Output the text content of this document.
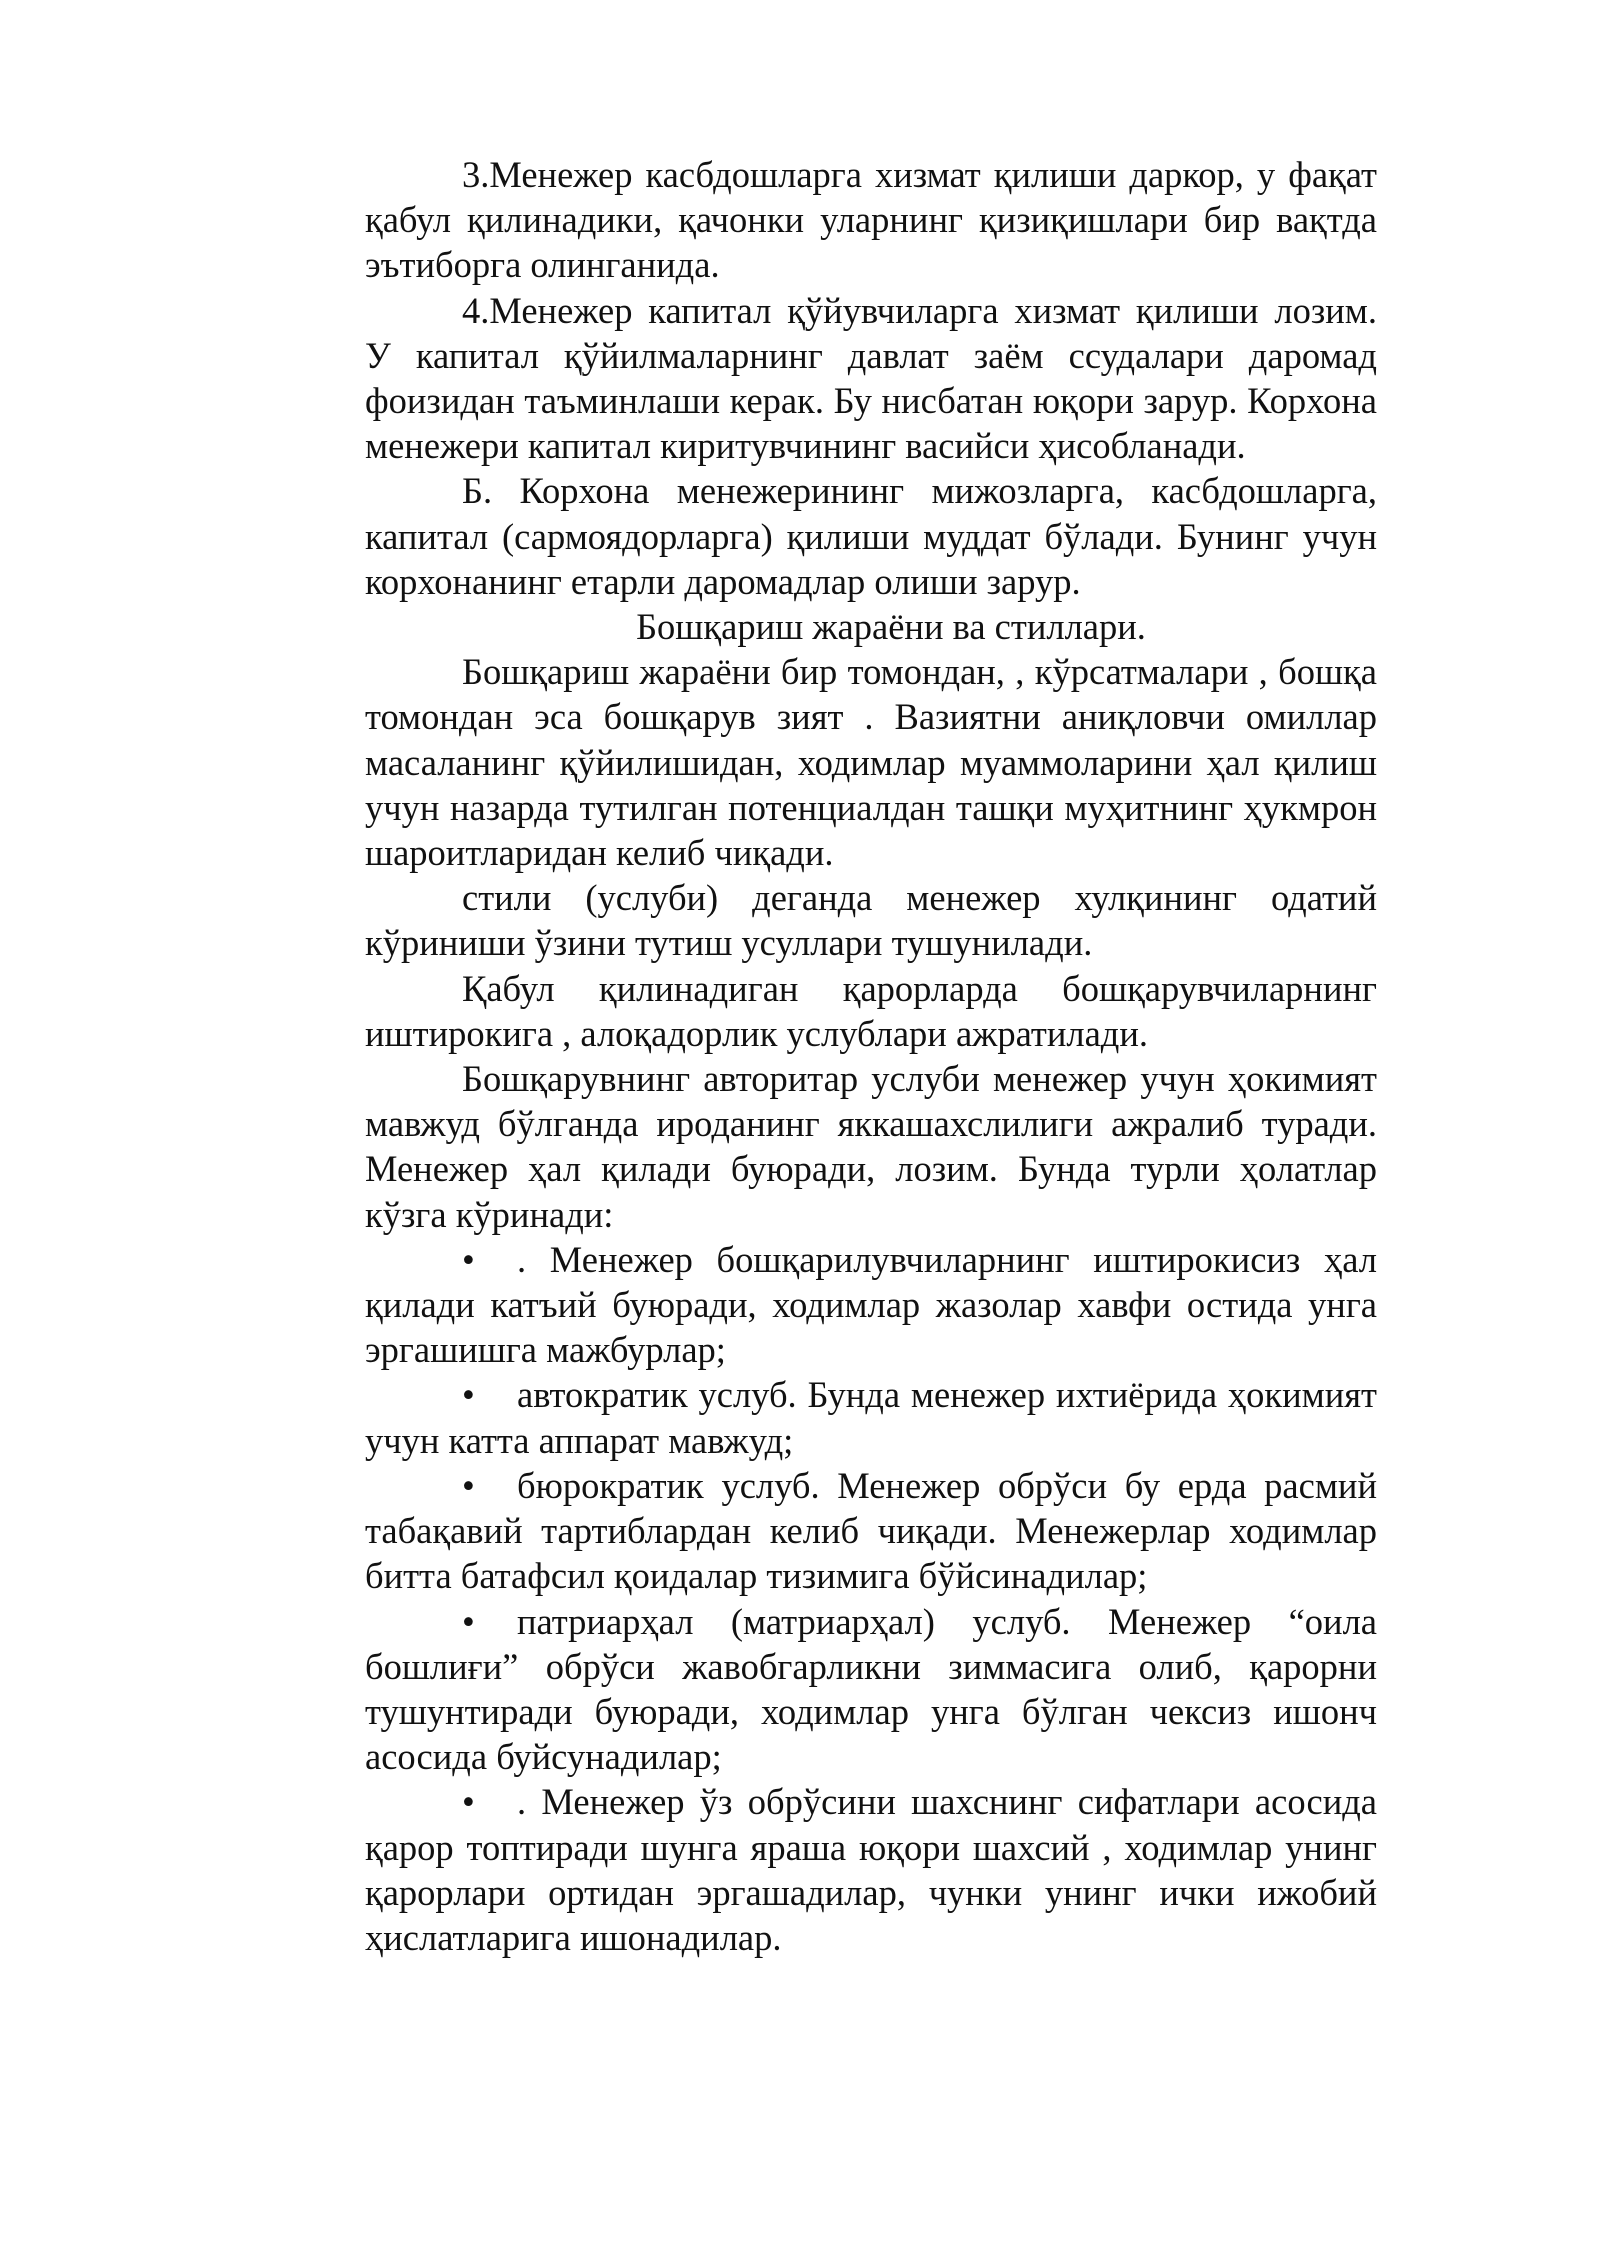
3.Менежер касбдошларга хизмат қилиши даркор, у фақат қабул қилинадики, қачонки уларнинг қизиқишлари бир вақтда эътиборга олинганида.

4.Менежер капитал қўйувчиларга хизмат қилиши лозим. У капитал қўйилмаларнинг давлат заём ссудалари даромад фоизидан таъминлаши керак. Бу нисбатан юқори зарур. Корхона менежери капитал киритувчининг васийси ҳисобланади.

Б. Корхона менежерининг мижозларга, касбдошларга, капитал (сармоядорларга) қилиши муддат бўлади. Бунинг учун корхонанинг етарли даромадлар олиши зарур.

Бошқариш жараёни ва стиллари.

Бошқариш жараёни бир томондан, , кўрсатмалари , бошқа томондан эса бошқарув зият . Вазиятни аниқловчи омиллар масаланинг қўйилишидан, ходимлар муаммоларини ҳал қилиш учун назарда тутилган потенциалдан ташқи муҳитнинг ҳукмрон шароитларидан келиб чиқади.

стили (услуби) деганда менежер хулқининг одатий кўриниши ўзини тутиш усуллари тушунилади.

Қабул қилинадиган қарорларда бошқарувчиларнинг иштирокига , алоқадорлик услублари ажратилади.

Бошқарувнинг авторитар услуби менежер учун ҳокимият мавжуд бўлганда ироданинг яккашахслилиги ажралиб туради. Менежер ҳал қилади буюради, лозим. Бунда турли ҳолатлар кўзга кўринади:

• . Менежер бошқарилувчиларнинг иштирокисиз ҳал қилади катъий буюради, ходимлар жазолар хавфи остида унга эргашишга мажбурлар;

• автократик услуб. Бунда менежер ихтиёрида ҳокимият учун катта аппарат мавжуд;

• бюрократик услуб. Менежер обрўси бу ерда расмий табақавий тартиблардан келиб чиқади. Менежерлар ходимлар битта батафсил қоидалар тизимига бўйсинадилар;

• патриарҳал (матриарҳал) услуб. Менежер “оила бошлиғи” обрўси жавобгарликни зиммасига олиб, қарорни тушунтиради буюради, ходимлар унга бўлган чексиз ишонч асосида буйсунадилар;

• . Менежер ўз обрўсини шахснинг сифатлари асосида қарор топтиради шунга яраша юқори шахсий , ходимлар унинг қарорлари ортидан эргашадилар, чунки унинг ички ижобий ҳислатларига ишонадилар.
